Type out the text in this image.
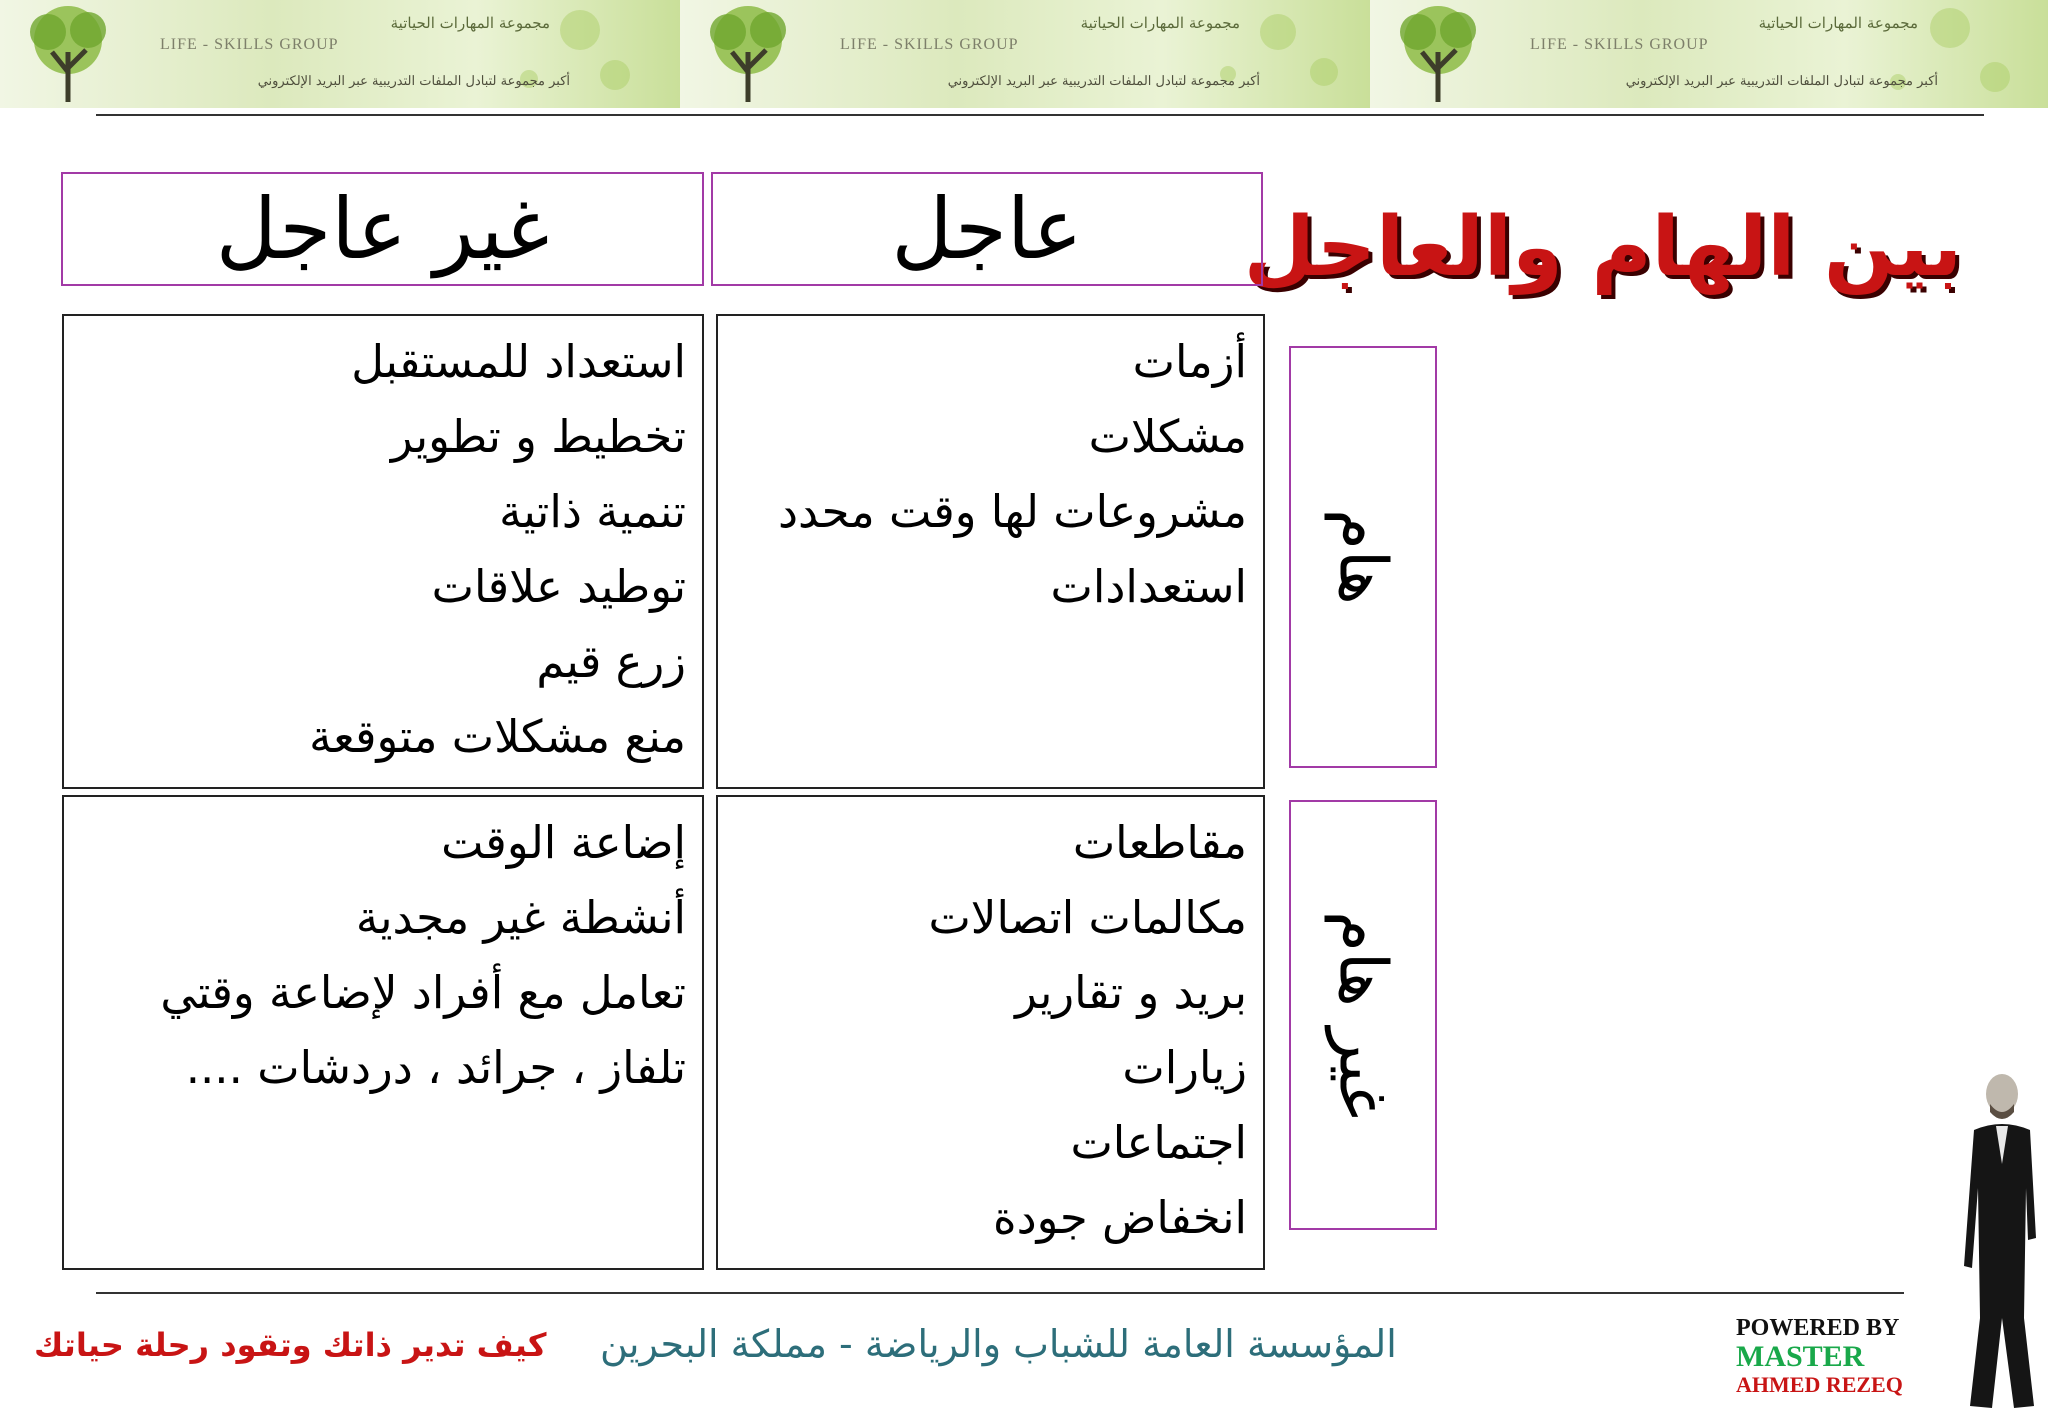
مجموعة المهارات الحياتية
LIFE - SKILLS GROUP
أكبر مجموعة لتبادل الملفات التدريبية عبر البريد الإلكتروني
مجموعة المهارات الحياتية
LIFE - SKILLS GROUP
أكبر مجموعة لتبادل الملفات التدريبية عبر البريد الإلكتروني
مجموعة المهارات الحياتية
LIFE - SKILLS GROUP
أكبر مجموعة لتبادل الملفات التدريبية عبر البريد الإلكتروني
بين الهام والعاجل
عاجل
غير عاجل
هام
غير هام
أزمات
مشكلات
مشروعات لها وقت محدد
استعدادات
استعداد للمستقبل
تخطيط و تطوير
تنمية ذاتية
توطيد علاقات
زرع قيم
منع مشكلات متوقعة
مقاطعات
مكالمات اتصالات
بريد و تقارير
زيارات
اجتماعات
انخفاض جودة
إضاعة الوقت
أنشطة غير مجدية
تعامل مع أفراد لإضاعة وقتي
تلفاز ، جرائد ، دردشات ....
المؤسسة العامة للشباب والرياضة - مملكة البحرين
كيف تدير ذاتك وتقود رحلة حياتك	POWERED BY
MASTER
AHMED REZEQ
